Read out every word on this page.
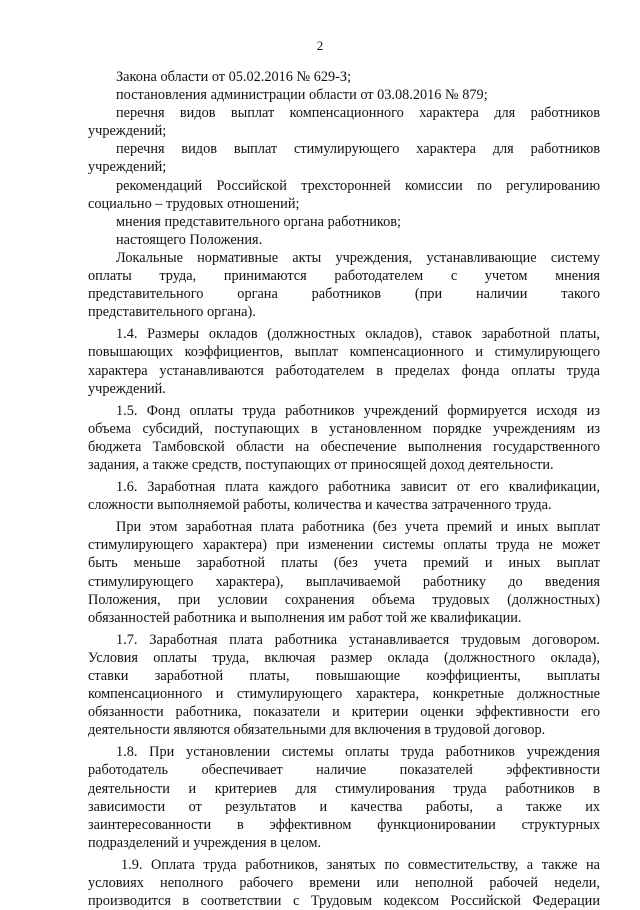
2
Закона области от 05.02.2016 № 629-З;
постановления администрации области от 03.08.2016 № 879;
перечня видов выплат компенсационного характера для работников
учреждений;
перечня видов выплат стимулирующего характера для работников
учреждений;
рекомендаций Российской трехсторонней комиссии по регулированию
социально – трудовых отношений;
мнения представительного органа работников;
настоящего Положения.
Локальные нормативные акты учреждения, устанавливающие систему
оплаты труда, принимаются работодателем с учетом мнения
представительного органа работников (при наличии такого
представительного органа).
1.4. Размеры окладов (должностных окладов), ставок заработной платы,
повышающих коэффициентов, выплат компенсационного и стимулирующего
характера устанавливаются работодателем в пределах фонда оплаты труда
учреждений.
1.5. Фонд оплаты труда работников учреждений формируется исходя из
объема субсидий, поступающих в установленном порядке учреждениям из
бюджета Тамбовской области на обеспечение выполнения государственного
задания, а также средств, поступающих от приносящей доход деятельности.
1.6. Заработная плата каждого работника зависит от его квалификации,
сложности выполняемой работы, количества и качества затраченного труда.
При этом заработная плата работника (без учета премий и иных выплат
стимулирующего характера) при изменении системы оплаты труда не может
быть меньше заработной платы (без учета премий и иных выплат
стимулирующего характера), выплачиваемой работнику до введения
Положения, при условии сохранения объема трудовых (должностных)
обязанностей работника и выполнения им работ той же квалификации.
1.7. Заработная плата работника устанавливается трудовым договором.
Условия оплаты труда, включая размер оклада (должностного оклада),
ставки заработной платы, повышающие коэффициенты, выплаты
компенсационного и стимулирующего характера, конкретные должностные
обязанности работника, показатели и критерии оценки эффективности его
деятельности являются обязательными для включения в трудовой договор.
1.8. При установлении системы оплаты труда работников учреждения
работодатель обеспечивает наличие показателей эффективности
деятельности и критериев для стимулирования труда работников в
зависимости от результатов и качества работы, а также их
заинтересованности в эффективном функционировании структурных
подразделений и учреждения в целом.
1.9. Оплата труда работников, занятых по совместительству, а также на
условиях неполного рабочего времени или неполной рабочей недели,
производится в соответствии с Трудовым кодексом Российской Федерации
